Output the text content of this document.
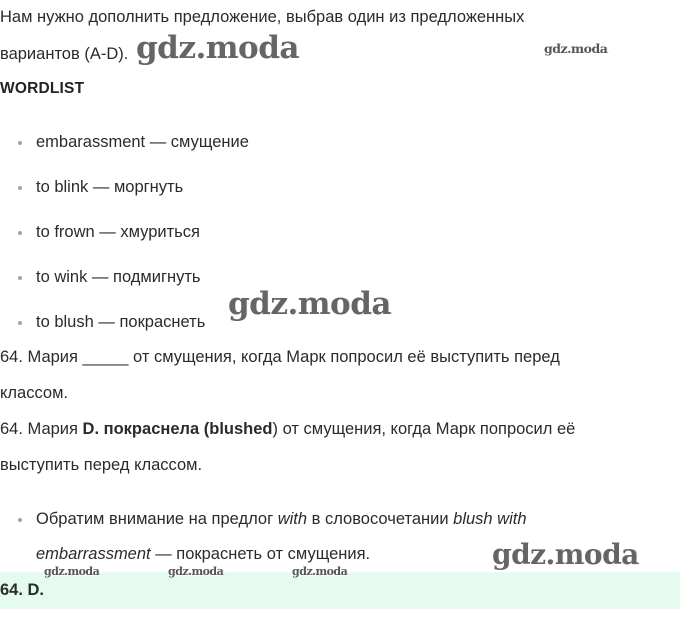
Нам нужно дополнить предложение, выбрав один из предложенных
вариантов (A-D).
WORDLIST
embarassment — смущение
to blink — моргнуть
to frown — хмуриться
to wink — подмигнуть
to blush — покраснеть
64. Мария _____ от смущения, когда Марк попросил её выступить перед
классом.
64. Мария D. покраснела (blushed) от смущения, когда Марк попросил её
выступить перед классом.
Обратим внимание на предлог with в словосочетании blush with
embarrassment — покраснеть от смущения.
64. D.
gdz.moda	gdz.moda
gdz.moda
gdz.moda
gdz.moda	gdz.moda	gdz.moda
